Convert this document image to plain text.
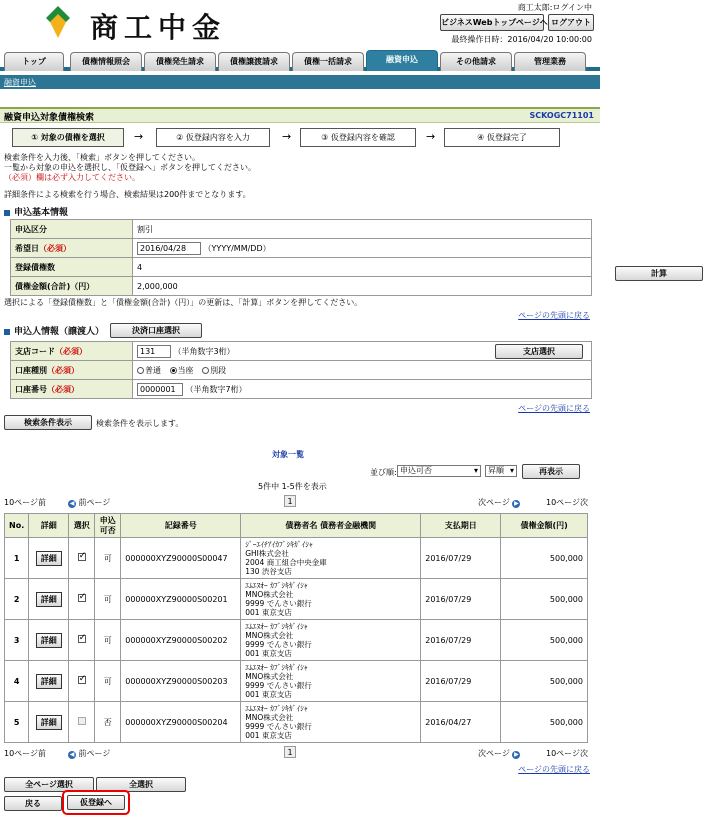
商工中金
商工太郎:ログイン中
ビジネスWebトップページへ ログアウト
最終操作日時：2016/04/20 10:00:00
トップ	債権情報照会	債権発生請求	債権譲渡請求	債権一括請求	融資申込	その他請求	管理業務
融資申込
融資申込対象債権検索	SCKOGC71101
① 対象の債権を選択	→	② 仮登録内容を入力	→	③ 仮登録内容を確認	→	④ 仮登録完了
検索条件を入力後、「検索」ボタンを押してください。
一覧から対象の申込を選択し、「仮登録へ」ボタンを押してください。
（必須）欄は必ず入力してください。
詳細条件による検索を行う場合、検索結果は200件までとなります。
申込基本情報
申込区分	割引
希望日（必須）	2016/04/28（YYYY/MM/DD）
登録債権数	4
計算

債権金額(合計)（円）	2,000,000
選択による「登録債権数」と「債権金額(合計)（円）」の更新は、「計算」ボタンを押してください。
ページの先頭に戻る
申込人情報（譲渡人）	決済口座選択
支店コード（必須）	131（半角数字3桁） 支店選択

口座種別（必須）	普通 当座 別段
口座番号（必須）	0000001（半角数字7桁）
ページの先頭に戻る
検索条件表示	検索条件を表示します。
対象一覧
並び順: 申込可否	▾	昇順 ▾	再表示
5件中 1-5件を表示
10ページ前	◀ 前ページ	1	次ページ ▶	10ページ次
No.	詳細	選択	申込可否	記録番号	債務者名 債務者金融機関	支払期日	債権金額(円)
1	詳細	✓	可	000000XYZ90000S00047	ｼﾞｰｴｲﾁｱｲｶﾌﾞｼｷｶﾞｲｼｬ
GHI株式会社
2004 商工組合中央金庫
130 渋谷支店	2016/07/29	500,000
2	詳細	✓	可	000000XYZ90000S00201	ｴﾑｴﾇｵｰ ｶﾌﾞｼｷｶﾞｲｼｬ
MNO株式会社
9999 でんさい銀行
001 東京支店	2016/07/29	500,000
3	詳細	✓	可	000000XYZ90000S00202	ｴﾑｴﾇｵｰ ｶﾌﾞｼｷｶﾞｲｼｬ
MNO株式会社
9999 でんさい銀行
001 東京支店	2016/07/29	500,000
4	詳細	✓	可	000000XYZ90000S00203	ｴﾑｴﾇｵｰ ｶﾌﾞｼｷｶﾞｲｼｬ
MNO株式会社
9999 でんさい銀行
001 東京支店	2016/07/29	500,000
5	詳細		否	000000XYZ90000S00204	ｴﾑｴﾇｵｰ ｶﾌﾞｼｷｶﾞｲｼｬ
MNO株式会社
9999 でんさい銀行
001 東京支店	2016/04/27	500,000
10ページ前	◀ 前ページ	1	次ページ ▶	10ページ次
ページの先頭に戻る
全ページ選択	全選択
戻る	仮登録へ
